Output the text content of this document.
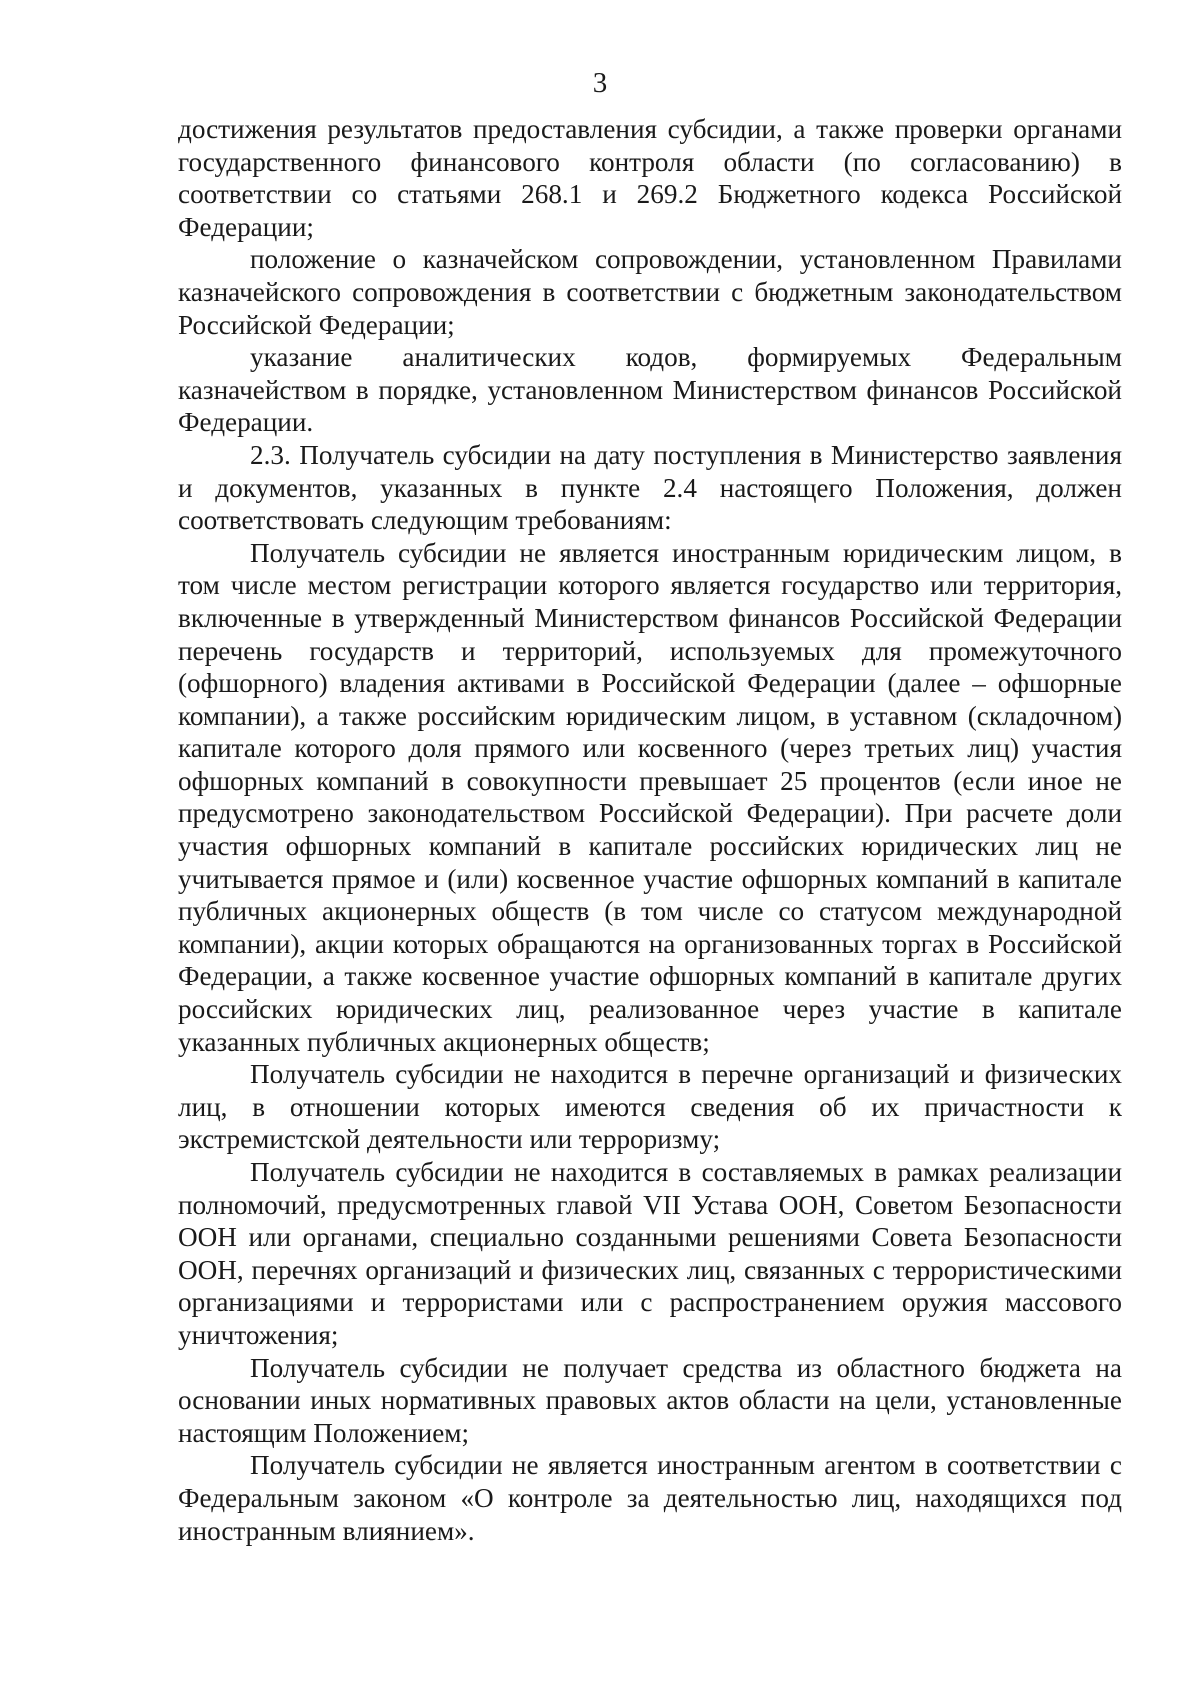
3

достижения результатов предоставления субсидии, а также проверки органами государственного финансового контроля области (по согласованию) в соответствии со статьями 268.1 и 269.2 Бюджетного кодекса Российской Федерации;

положение о казначейском сопровождении, установленном Правилами казначейского сопровождения в соответствии с бюджетным законодательством Российской Федерации;

указание аналитических кодов, формируемых Федеральным казначейством в порядке, установленном Министерством финансов Российской Федерации.

2.3. Получатель субсидии на дату поступления в Министерство заявления и документов, указанных в пункте 2.4 настоящего Положения, должен соответствовать следующим требованиям:

Получатель субсидии не является иностранным юридическим лицом, в том числе местом регистрации которого является государство или территория, включенные в утвержденный Министерством финансов Российской Федерации перечень государств и территорий, используемых для промежуточного (офшорного) владения активами в Российской Федерации (далее – офшорные компании), а также российским юридическим лицом, в уставном (складочном) капитале которого доля прямого или косвенного (через третьих лиц) участия офшорных компаний в совокупности превышает 25 процентов (если иное не предусмотрено законодательством Российской Федерации). При расчете доли участия офшорных компаний в капитале российских юридических лиц не учитывается прямое и (или) косвенное участие офшорных компаний в капитале публичных акционерных обществ (в том числе со статусом международной компании), акции которых обращаются на организованных торгах в Российской Федерации, а также косвенное участие офшорных компаний в капитале других российских юридических лиц, реализованное через участие в капитале указанных публичных акционерных обществ;

Получатель субсидии не находится в перечне организаций и физических лиц, в отношении которых имеются сведения об их причастности к экстремистской деятельности или терроризму;

Получатель субсидии не находится в составляемых в рамках реализации полномочий, предусмотренных главой VII Устава ООН, Советом Безопасности ООН или органами, специально созданными решениями Совета Безопасности ООН, перечнях организаций и физических лиц, связанных с террористическими организациями и террористами или с распространением оружия массового уничтожения;

Получатель субсидии не получает средства из областного бюджета на основании иных нормативных правовых актов области на цели, установленные настоящим Положением;

Получатель субсидии не является иностранным агентом в соответствии с Федеральным законом «О контроле за деятельностью лиц, находящихся под иностранным влиянием».
